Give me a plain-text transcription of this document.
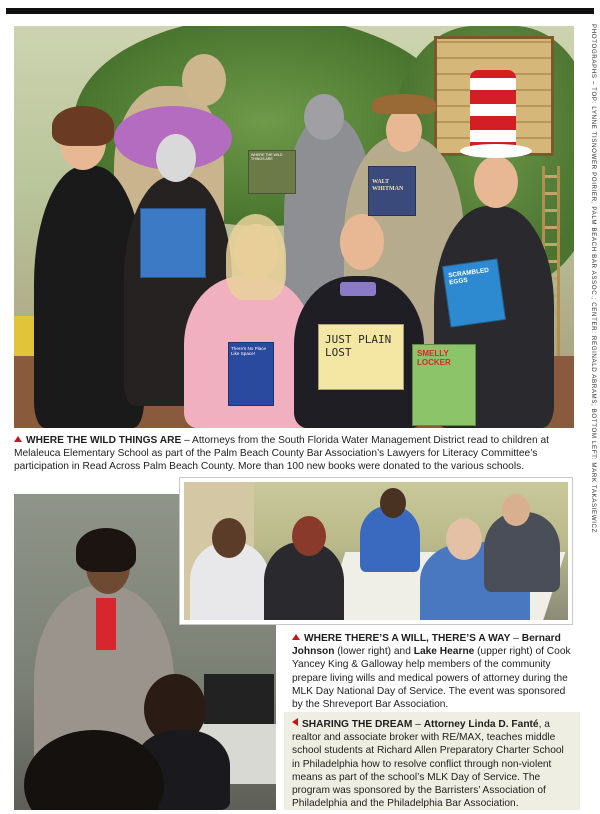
WHERE THE WILD THINGS ARE
WALT WHITMAN
There's No Place Like Space!
JUST PLAIN LOST	SMELLY LOCKER
SCRAMBLED EGGS

WHERE THE WILD THINGS ARE – Attorneys from the South Florida Water Management District read to children at Melaleuca Elementary School as part of the Palm Beach County Bar Association’s Lawyers for Literacy Committee’s participation in Read Across Palm Beach County. More than 100 new books were donated to the various schools.

WHERE THERE’S A WILL, THERE’S A WAY – Bernard Johnson (lower right) and Lake Hearne (upper right) of Cook Yancey King & Galloway help members of the community prepare living wills and medical powers of attorney during the MLK Day National Day of Service. The event was sponsored by the Shreveport Bar Association.

SHARING THE DREAM – Attorney Linda D. Fanté, a realtor and associate broker with RE/MAX, teaches middle school students at Richard Allen Preparatory Charter School in Philadelphia how to resolve conflict through non-violent means as part of the school’s MLK Day of Service. The program was sponsored by the Barristers’ Association of Philadelphia and the Philadelphia Bar Association.

PHOTOGRAPHS – TOP: LYNNE TISNOWER POIRIER, PALM BEACH BAR ASSOC.; CENTER: REGINALD ABRAMS; BOTTOM LEFT: MARK TAKASIEWICZ
